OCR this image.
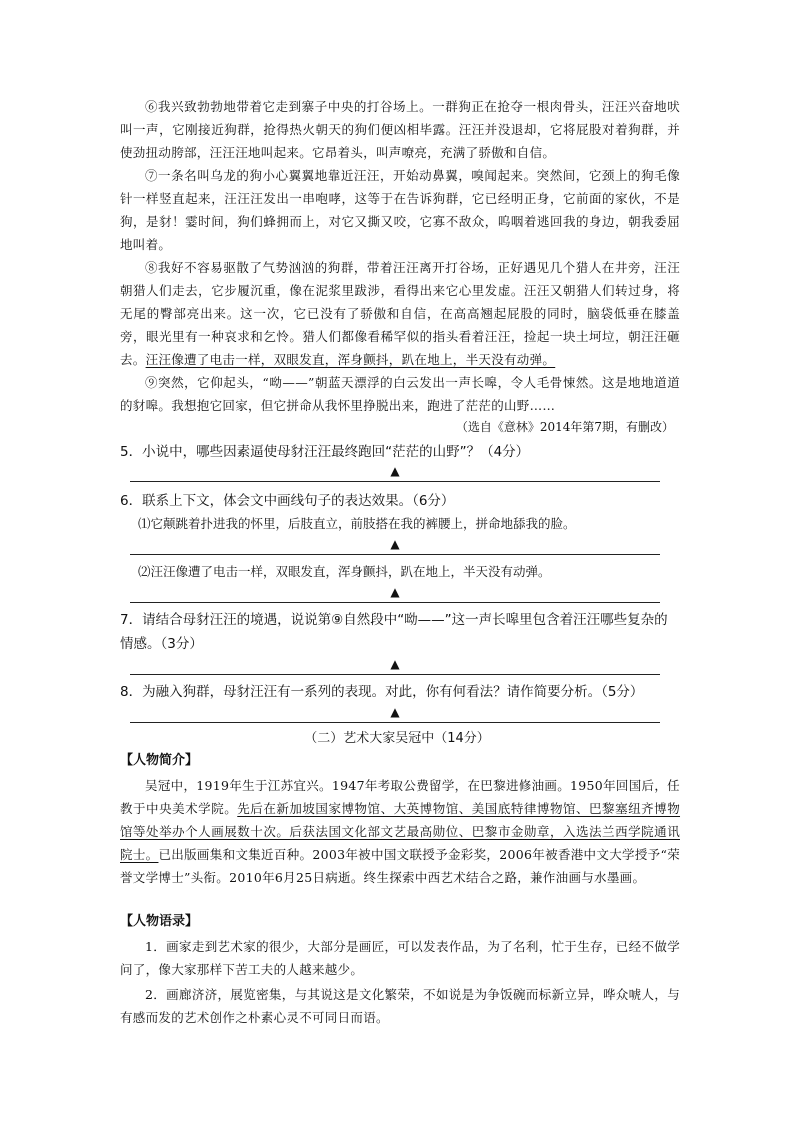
⑥我兴致勃勃地带着它走到寨子中央的打谷场上。一群狗正在抢夺一根肉骨头，汪汪兴奋地吠叫一声，它刚接近狗群，抢得热火朝天的狗们便凶相毕露。汪汪并没退却，它将屁股对着狗群，并使劲扭动胯部，汪汪汪地叫起来。它昂着头，叫声嘹亮，充满了骄傲和自信。
⑦一条名叫乌龙的狗小心翼翼地靠近汪汪，开始动鼻翼，嗅闻起来。突然间，它颈上的狗毛像针一样竖直起来，汪汪汪发出一串咆哮，这等于在告诉狗群，它已经明正身，它前面的家伙，不是狗，是豺！霎时间，狗们蜂拥而上，对它又撕又咬，它寡不敌众，呜咽着逃回我的身边，朝我委屈地叫着。
⑧我好不容易驱散了气势汹汹的狗群，带着汪汪离开打谷场，正好遇见几个猎人在井旁，汪汪朝猎人们走去，它步履沉重，像在泥浆里跋涉，看得出来它心里发虚。汪汪又朝猎人们转过身，将无尾的臀部亮出来。这一次，它已没有了骄傲和自信，在高高翘起屁股的同时，脑袋低垂在膝盖旁，眼光里有一种哀求和乞怜。猎人们都像看稀罕似的指头看着汪汪，捡起一块土坷垃，朝汪汪砸去。汪汪像遭了电击一样，双眼发直，浑身颤抖，趴在地上，半天没有动弹。
⑨突然，它仰起头，“呦——”朝蓝天漂浮的白云发出一声长嗥，令人毛骨悚然。这是地地道道的豺嗥。我想抱它回家，但它拼命从我怀里挣脱出来，跑进了茫茫的山野……
（选自《意林》2014年第7期，有删改）
5．小说中，哪些因素逼使母豺汪汪最终跑回“茫茫的山野”？（4分）
▲
6．联系上下文，体会文中画线句子的表达效果。（6分）
⑴它颠跳着扑进我的怀里，后肢直立，前肢搭在我的裤腰上，拼命地舔我的脸。
▲
⑵汪汪像遭了电击一样，双眼发直，浑身颤抖，趴在地上，半天没有动弹。
▲
7．请结合母豺汪汪的境遇，说说第⑨自然段中“呦——”这一声长嗥里包含着汪汪哪些复杂的情感。（3分）
▲
8．为融入狗群，母豺汪汪有一系列的表现。对此，你有何看法？请作简要分析。（5分）
▲
（二）艺术大家吴冠中（14分）
【人物简介】
吴冠中，1919年生于江苏宜兴。1947年考取公费留学，在巴黎进修油画。1950年回国后，任教于中央美术学院。先后在新加坡国家博物馆、大英博物馆、美国底特律博物馆、巴黎塞纽齐博物馆等处举办个人画展数十次。后获法国文化部文艺最高勋位、巴黎市金勋章，入选法兰西学院通讯院士。已出版画集和文集近百种。2003年被中国文联授予金彩奖，2006年被香港中文大学授予“荣誉文学博士”头衔。2010年6月25日病逝。终生探索中西艺术结合之路，兼作油画与水墨画。
【人物语录】
1．画家走到艺术家的很少，大部分是画匠，可以发表作品，为了名利，忙于生存，已经不做学问了，像大家那样下苦工夫的人越来越少。
2．画廊济济，展览密集，与其说这是文化繁荣，不如说是为争饭碗而标新立异，哗众唬人，与有感而发的艺术创作之朴素心灵不可同日而语。
